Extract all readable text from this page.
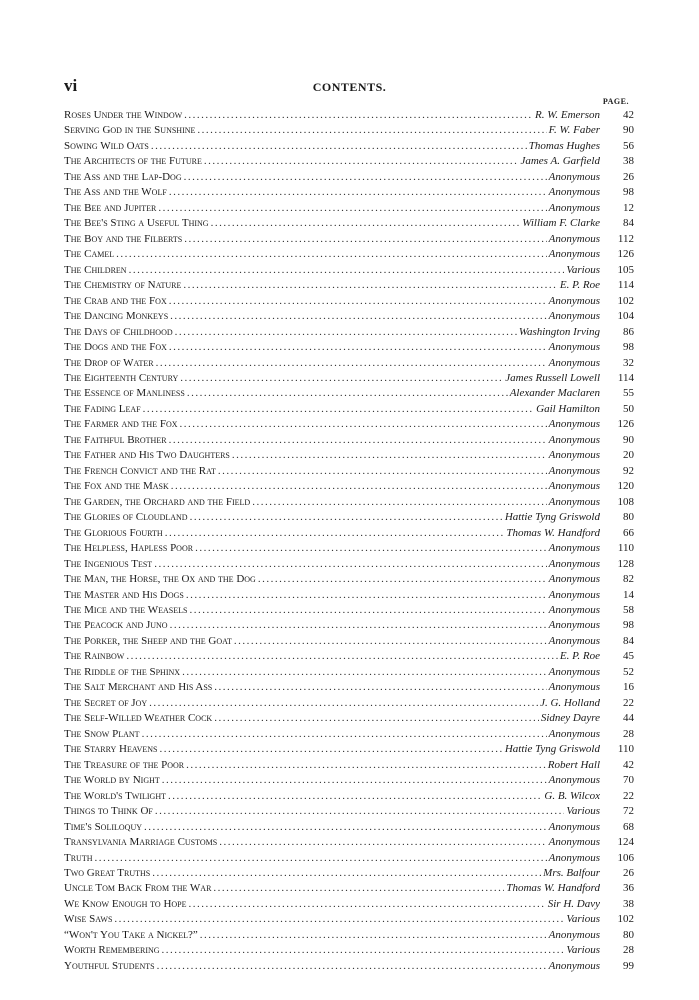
vi	CONTENTS.
PAGE.
Roses Under the Window .....	R. W. Emerson	42
Serving God in the Sunshine .....	F. W. Faber	90
Sowing Wild Oats .....	Thomas Hughes	56
The Architects of the Future .....	James A. Garfield	38
The Ass and the Lap-Dog .....	Anonymous	26
The Ass and the Wolf .....	Anonymous	98
The Bee and Jupiter .....	Anonymous	12
The Bee's Sting a Useful Thing .....	William F. Clarke	84
The Boy and the Filberts .....	Anonymous	112
The Camel .....	Anonymous	126
The Children .....	Various	105
The Chemistry of Nature .....	E. P. Roe	114
The Crab and the Fox .....	Anonymous	102
The Dancing Monkeys .....	Anonymous	104
The Days of Childhood .....	Washington Irving	86
The Dogs and the Fox .....	Anonymous	98
The Drop of Water .....	Anonymous	32
The Eighteenth Century .....	James Russell Lowell	114
The Essence of Manliness .....	Alexander Maclaren	55
The Fading Leaf .....	Gail Hamilton	50
The Farmer and the Fox .....	Anonymous	126
The Faithful Brother .....	Anonymous	90
The Father and His Two Daughters .....	Anonymous	20
The French Convict and the Rat .....	Anonymous	92
The Fox and the Mask .....	Anonymous	120
The Garden, the Orchard and the Field .....	Anonymous	108
The Glories of Cloudland .....	Hattie Tyng Griswold	80
The Glorious Fourth .....	Thomas W. Handford	66
The Helpless, Hapless Poor .....	Anonymous	110
The Ingenious Test .....	Anonymous	128
The Man, the Horse, the Ox and the Dog .....	Anonymous	82
The Master and His Dogs .....	Anonymous	14
The Mice and the Weasels .....	Anonymous	58
The Peacock and Juno .....	Anonymous	98
The Porker, the Sheep and the Goat .....	Anonymous	84
The Rainbow .....	E. P. Roe	45
The Riddle of the Sphinx .....	Anonymous	52
The Salt Merchant and His Ass .....	Anonymous	16
The Secret of Joy .....	J. G. Holland	22
The Self-Willed Weather Cock .....	Sidney Dayre	44
The Snow Plant .....	Anonymous	28
The Starry Heavens .....	Hattie Tyng Griswold	110
The Treasure of the Poor .....	Robert Hall	42
The World by Night .....	Anonymous	70
The World's Twilight .....	G. B. Wilcox	22
Things to Think Of .....	Various	72
Time's Soliloquy .....	Anonymous	68
Transylvania Marriage Customs .....	Anonymous	124
Truth .....	Anonymous	106
Two Great Truths .....	Mrs. Balfour	26
Uncle Tom Back From the War .....	Thomas W. Handford	36
We Know Enough to Hope .....	Sir H. Davy	38
Wise Saws .....	Various	102
“Won't You Take a Nickel?” .....	Anonymous	80
Worth Remembering .....	Various	28
Youthful Students .....	Anonymous	99
